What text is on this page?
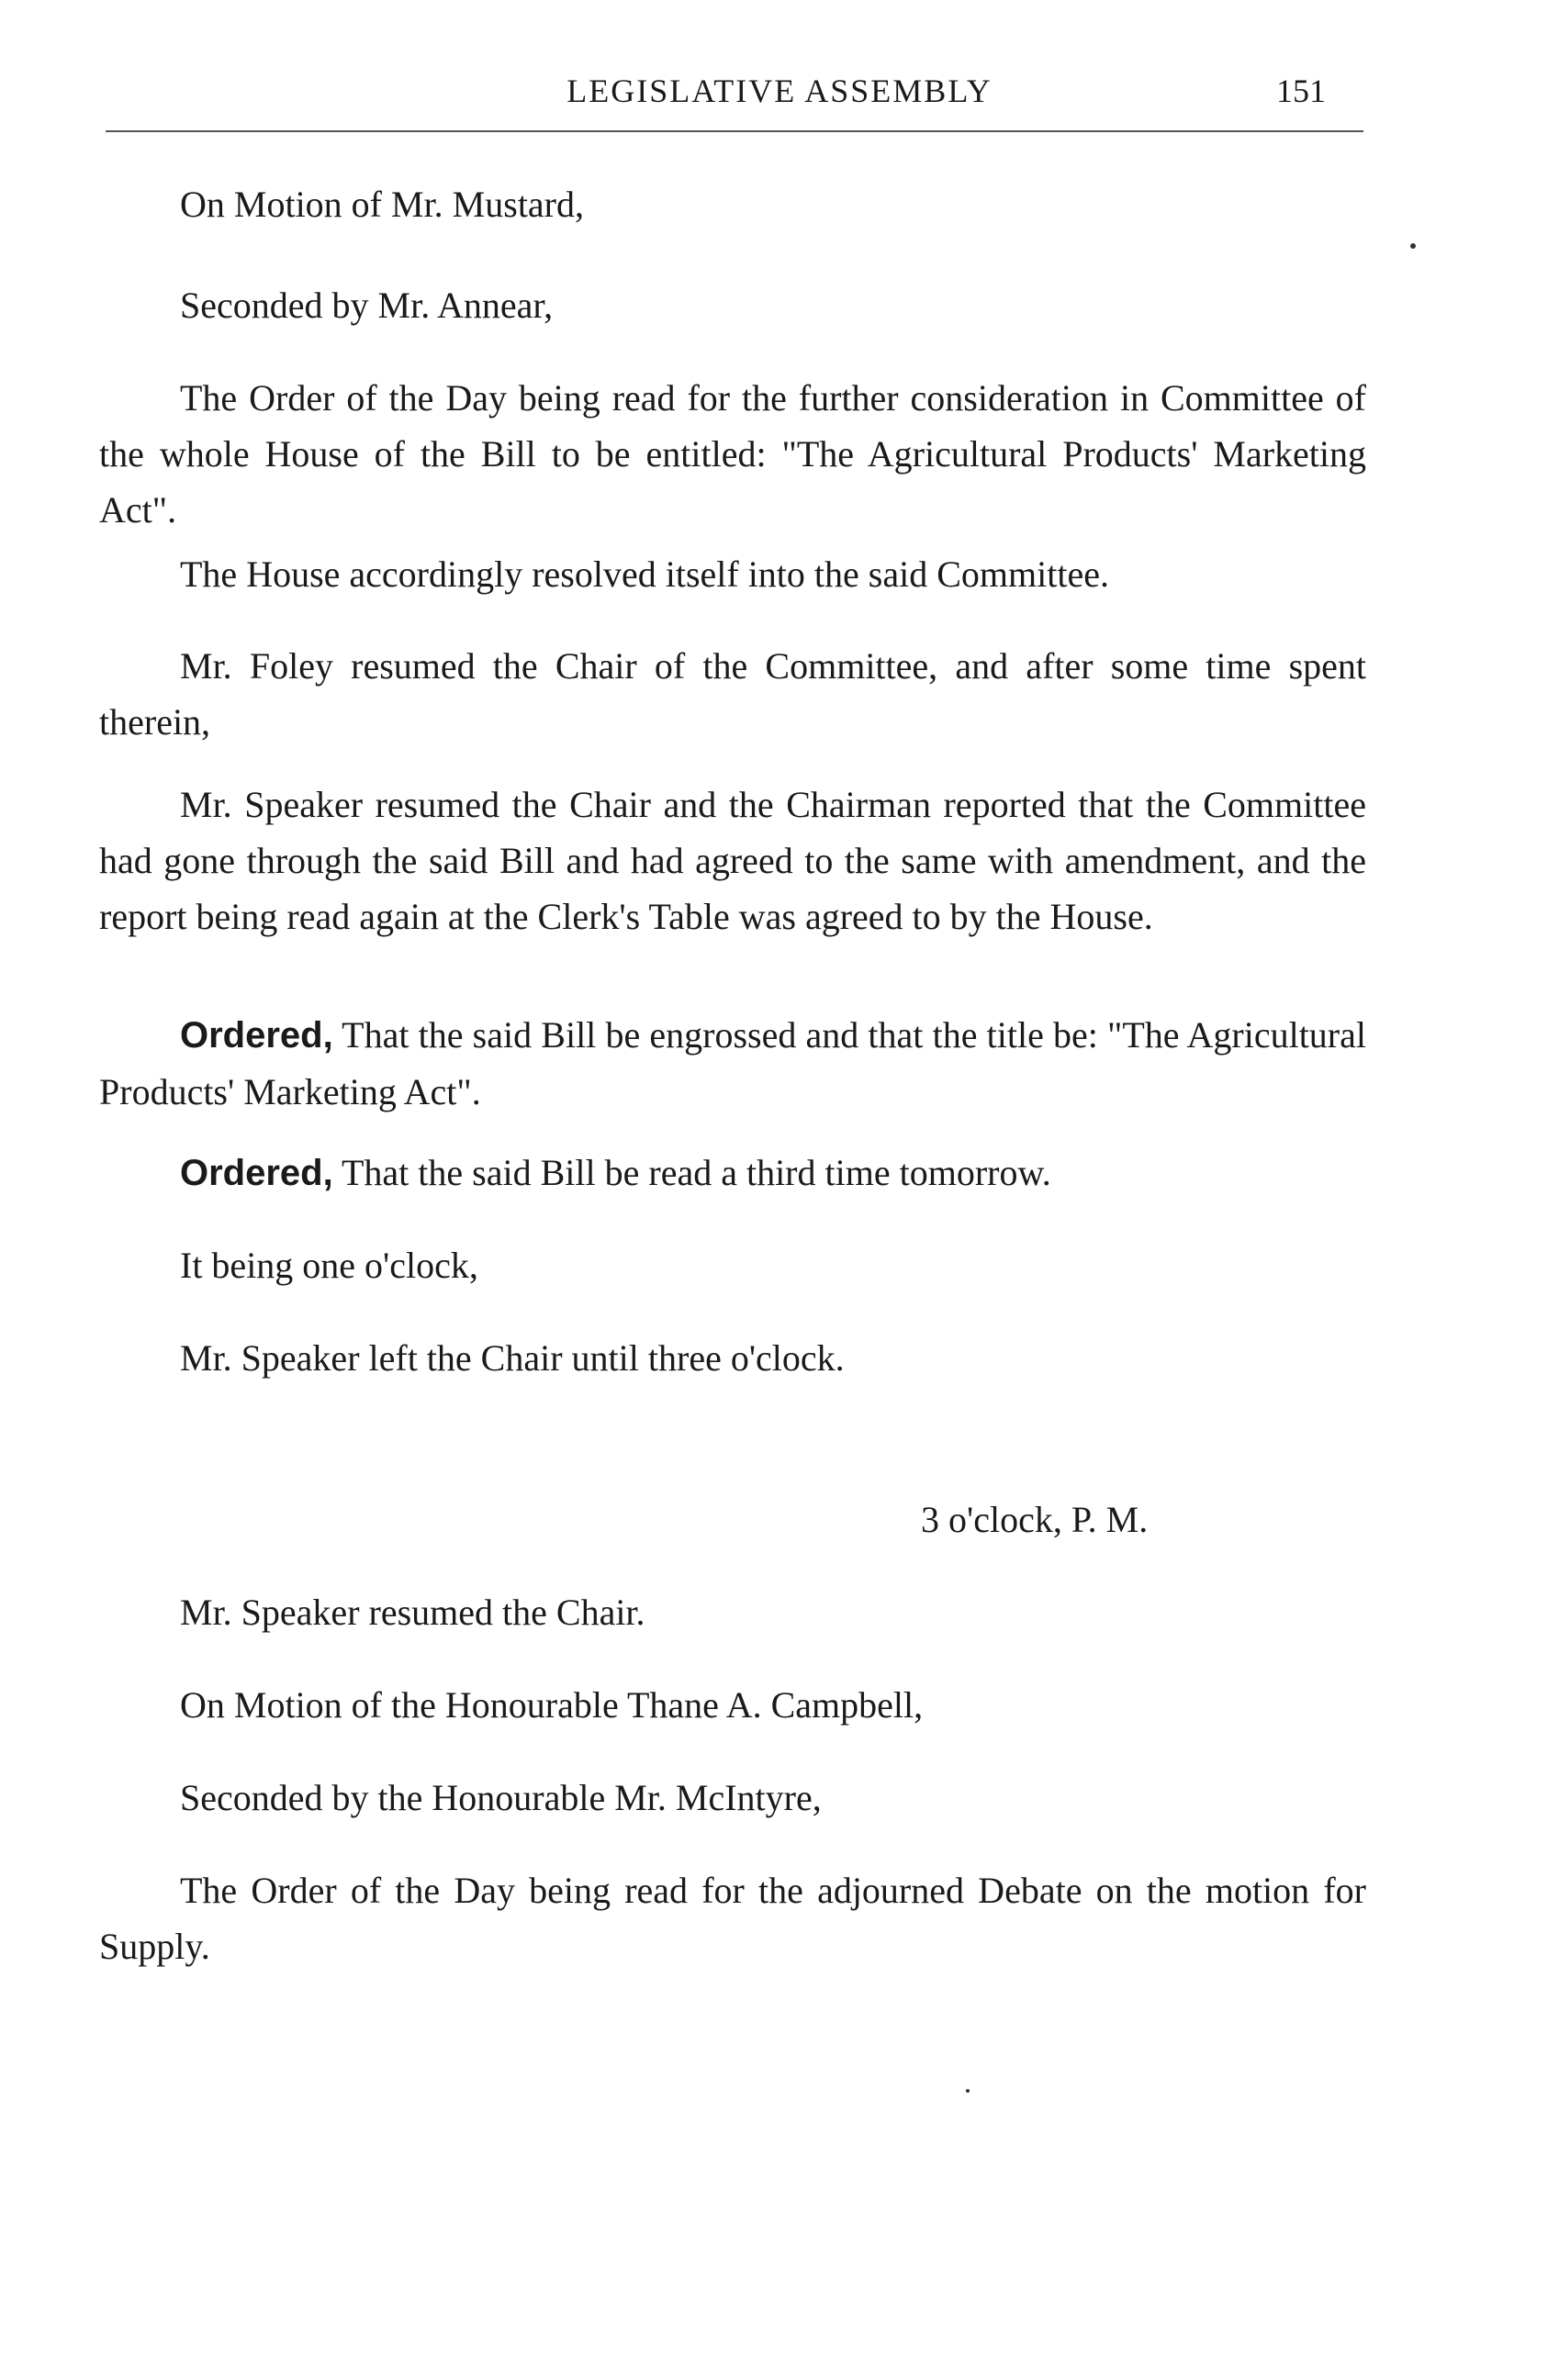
LEGISLATIVE ASSEMBLY	151

On Motion of Mr. Mustard,

Seconded by Mr. Annear,

The Order of the Day being read for the further consideration in Committee of the whole House of the Bill to be entitled: "The Agricultural Products' Marketing Act".

The House accordingly resolved itself into the said Committee.

Mr. Foley resumed the Chair of the Committee, and after some time spent therein,

Mr. Speaker resumed the Chair and the Chairman reported that the Committee had gone through the said Bill and had agreed to the same with amendment, and the report being read again at the Clerk's Table was agreed to by the House.

Ordered, That the said Bill be engrossed and that the title be: "The Agricultural Products' Marketing Act".

Ordered, That the said Bill be read a third time tomorrow.

It being one o'clock,

Mr. Speaker left the Chair until three o'clock.

3 o'clock, P. M.

Mr. Speaker resumed the Chair.

On Motion of the Honourable Thane A. Campbell,

Seconded by the Honourable Mr. McIntyre,

The Order of the Day being read for the adjourned Debate on the motion for Supply.
